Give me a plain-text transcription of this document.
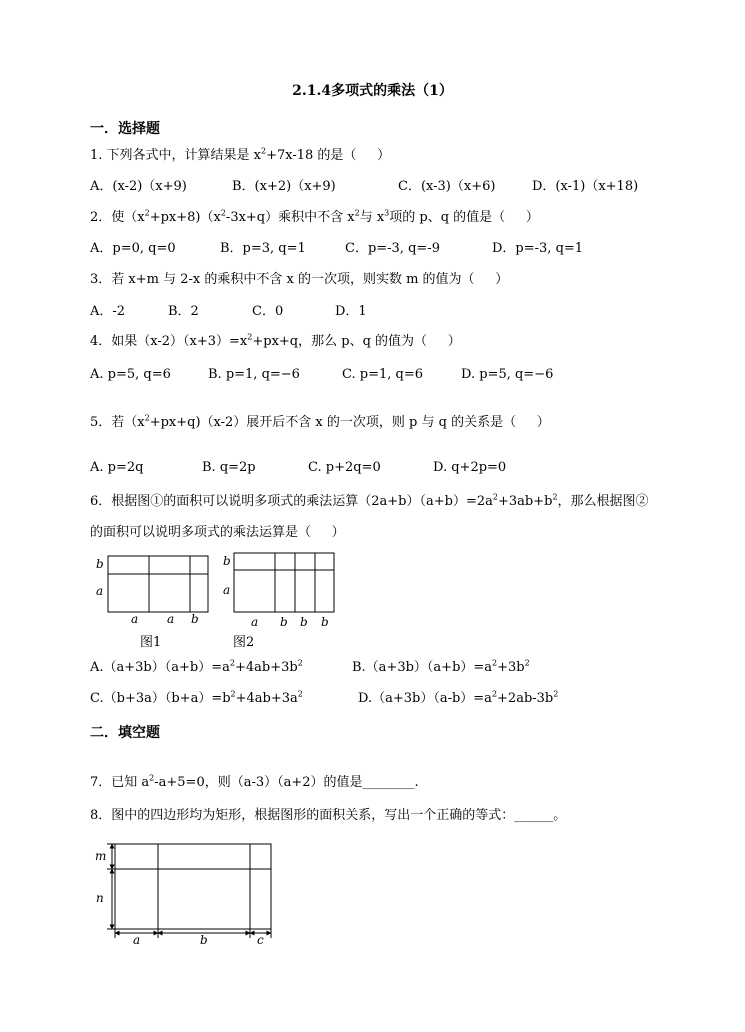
2.1.4多项式的乘法（1）
一．选择题
1. 下列各式中，计算结果是 $x^2+7x-18$ 的是（     ）
A．(x-2)（x+9)	B．(x+2)（x+9)	C．(x-3)（x+6)	D．(x-1)（x+18)
2．使$(x^2+px+8)(x^2-3x+q)$乘积中不含 $x^2$与 $x^3$项的 p、q 的值是（     ）
A．p=0, q=0	B．p=3, q=1	C．p=-3, q=-9	D．p=-3, q=1
3．若 x+m 与 2-x 的乘积中不含 x 的一次项，则实数 m 的值为（     ）
A．-2	B．2	C．0	D．1
4．如果$(x-2)(x+3)=x^2+px+q$，那么 p、q 的值为（     ）
A. p=5, q=6	B. p=1, q=−6	C. p=1, q=6	D. p=5, q=−6
5．若$(x^2+px+q)(x-2)$展开后不含 x 的一次项，则 p 与 q 的关系是（     ）
A. p=2q	B. q=2p	C. p+2q=0	D. q+2p=0
6．根据图①的面积可以说明多项式的乘法运算$(2a+b)(a+b)=2a^2+3ab+b^2$，那么根据图②
的面积可以说明多项式的乘法运算是（     ）
b
a
a a b
图1
b
a
a b b b
图2
$A.(a+3b)(a+b)=a^2+4ab+3b^2$	$B.(a+3b)(a+b)=a^2+3b^2$
$C.(b+3a)(b+a)=b^2+4ab+3a^2$	$D.(a+3b)(a-b)=a^2+2ab-3b^2$
二．填空题
7．已知 $a^2-a+5=0$，则（a-3）（a+2）的值是________.
8．图中的四边形均为矩形，根据图形的面积关系，写出一个正确的等式：______。
m
n
a	b	c
